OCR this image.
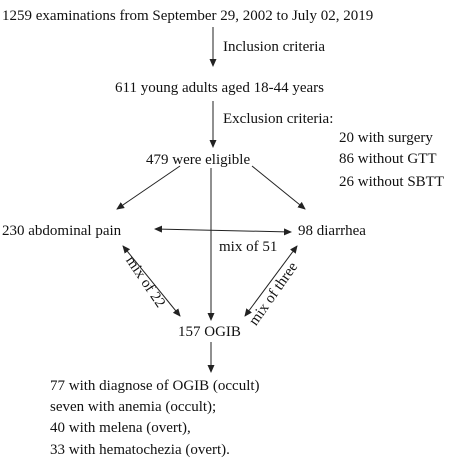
1259 examinations from September 29, 2002 to July 02, 2019
Inclusion criteria
611 young adults aged 18-44 years
Exclusion criteria:
20 with surgery
86 without GTT
26 without SBTT
479 were eligible
230 abdominal pain	98 diarrhea
mix of 51
mix of 22	mix of three
157 OGIB
77 with diagnose of OGIB (occult)
seven with anemia (occult);
40 with melena (overt),
33 with hematochezia (overt).
